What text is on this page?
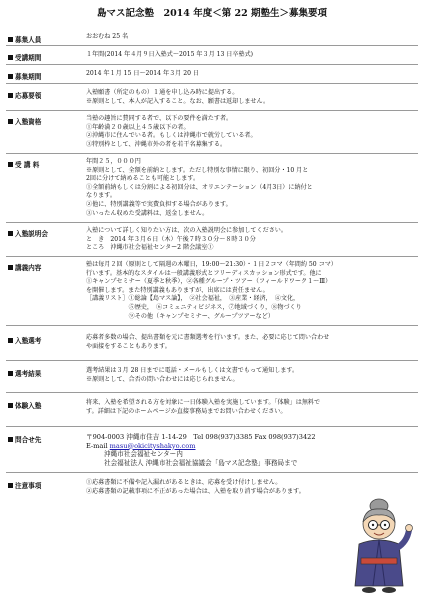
島マス記念塾　2014 年度＜第 22 期塾生＞募集要項
募集人員	おおむね 25 名
受講期間	１年間(2014 年４月９日入塾式～2015 年３月 13 日卒塾式)
募集期間	2014 年１月 15 日～2014 年３月 20 日
応募要領	入塾願書（所定のもの）１通を申し込み時に提出する。
※原則として、本人が記入すること。なお、願書は返却しません。
入塾資格	当塾の趣旨に賛同する者で、以下の要件を満たす者。
①年齢満２０歳以上４５歳以下の者。
②沖縄市に住んでいる者。もしくは沖縄市で就労している者。
③特別枠として、沖縄市外の者を若干名募集する。
受 講 料	年間２５，０００円
※原則として、全額を前納とします。ただし特別な事情に限り、初回分・10 月と
2回に分けて納めることも可能とします。
①全額前納もしくは分割による初回分は、オリエンテーション（4月3日）に納付と
なります。
②他に、特別講義等で実費負担する場合があります。
③いったん収めた受講料は、返金しません。
入塾説明会	入塾について詳しく知りたい方は、次の入塾説明会に参加してください。
と　き　2014 年３月６日（木）午後７時３０分～８時３０分
ところ　沖縄市社会福祉センター2 階会議室①
講義内容	塾は毎月２回（原則として隔週の木曜日，19:00～21:30）・１日２コマ（年間約 50 コマ）
行います。基本的なスタイルは一般講義形式とフリーディスカッション形式です。他に
①キャンプセミナー（夏季と秋季），②各種グループ・ツアー（フィールドワーク１～Ⅲ）
を開催します。また特別講義もありますが、出席には責任ません。
［講義リスト］①総論【島マス論】，　②社会福祉，　③産業・経済，　④文化，
　　　　　　　⑤歴史，　⑥コミュニティビジネス，⑦地域づくり，⑧物づくり
　　　　　　　⑨その他（キャンプセミナー、グループツアーなど）
入塾選考	応募者多数の場合、提出書類を元に書類選考を行います。また、必要に応じて問い合わせ
や面接をすることもあります。
選考結果	選考結果は３月 28 日までに電話・メールもしくは文書でもって通知します。
※原則として、合否の問い合わせには応じられません。
体験入塾	将来、入塾を希望される方を対象に一日体験入塾を実施しています。「体験」は無料で
す。詳細は下記のホームページか直接事務局までお問い合わせください。
問合せ先	〒904-0003 沖縄市住吉 1-14-29　Tel 098(937)3385 Fax 098(937)3422
E-mail masu@okicityshakyo.com
沖縄市社会福祉センター内
社会福祉法人 沖縄市社会福祉協議会「島マス記念塾」事務局まで
注意事項	①応募書類に不備や記入漏れがあるときは、応募を受け付けしません。
②応募書類の記載事項に不正があった場合は、入塾を取り消す場合があります。
